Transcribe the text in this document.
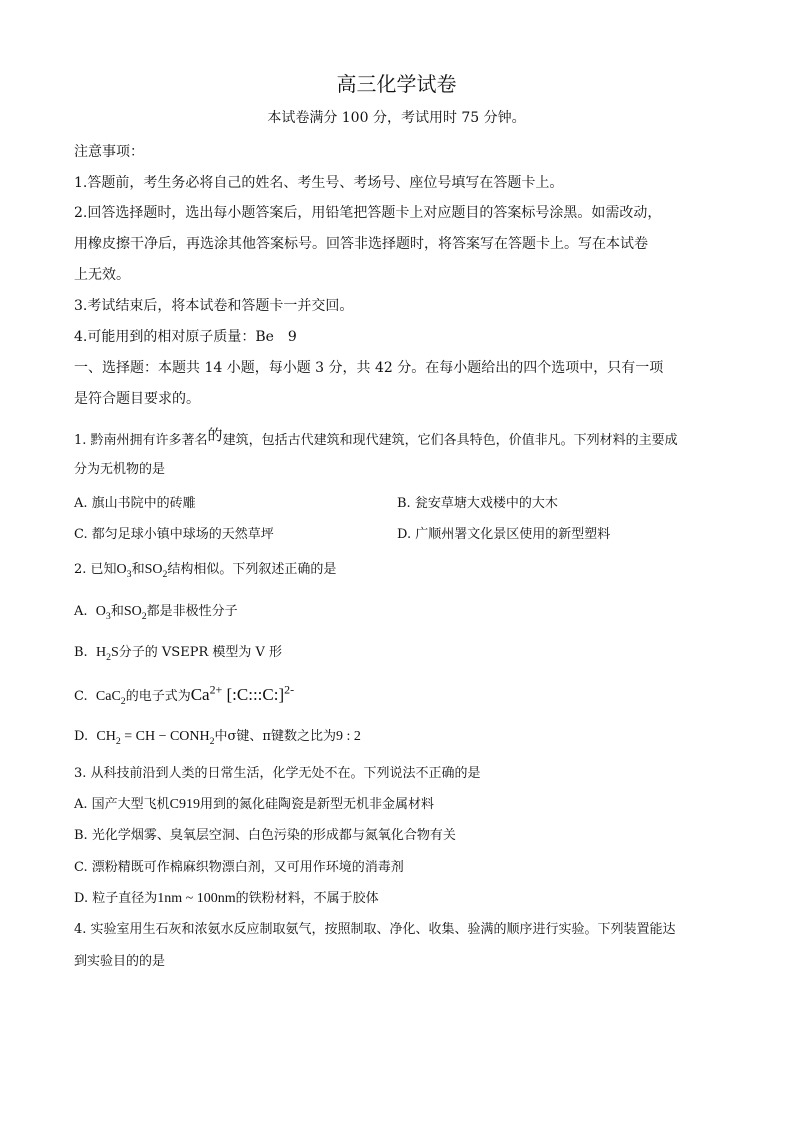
高三化学试卷
本试卷满分 100 分，考试用时 75 分钟。
注意事项：
1.答题前，考生务必将自己的姓名、考生号、考场号、座位号填写在答题卡上。
2.回答选择题时，选出每小题答案后，用铅笔把答题卡上对应题目的答案标号涂黑。如需改动，
用橡皮擦干净后，再选涂其他答案标号。回答非选择题时，将答案写在答题卡上。写在本试卷
上无效。
3.考试结束后，将本试卷和答题卡一并交回。
4.可能用到的相对原子质量：Be　9
一、选择题：本题共 14 小题，每小题 3 分，共 42 分。在每小题给出的四个选项中，只有一项
是符合题目要求的。
1. 黔南州拥有许多著名的建筑，包括古代建筑和现代建筑，它们各具特色，价值非凡。下列材料的主要成
分为无机物的是
A. 旗山书院中的砖雕	B. 瓮安草塘大戏楼中的大木
C. 都匀足球小镇中球场的天然草坪	D. 广顺州署文化景区使用的新型塑料
2. 已知$O_3$和$SO_2$结构相似。下列叙述正确的是
A. $O_3$和$SO_2$都是非极性分子
B. $H_2S$分子的 VSEPR 模型为 V 形
C. CaC$_2$的电子式为$Ca^{2+}$ [:C:::C:]$^{2-}$
D. $CH_2$ = CH − $CONH_2$中σ键、π键数之比为9 : 2
3. 从科技前沿到人类的日常生活，化学无处不在。下列说法不正确的是
A. 国产大型飞机C919用到的氮化硅陶瓷是新型无机非金属材料
B. 光化学烟雾、臭氧层空洞、白色污染的形成都与氮氧化合物有关
C. 漂粉精既可作棉麻织物漂白剂，又可用作环境的消毒剂
D. 粒子直径为1nm ~ 100nm的铁粉材料，不属于胶体
4. 实验室用生石灰和浓氨水反应制取氨气，按照制取、净化、收集、验满的顺序进行实验。下列装置能达
到实验目的的是
